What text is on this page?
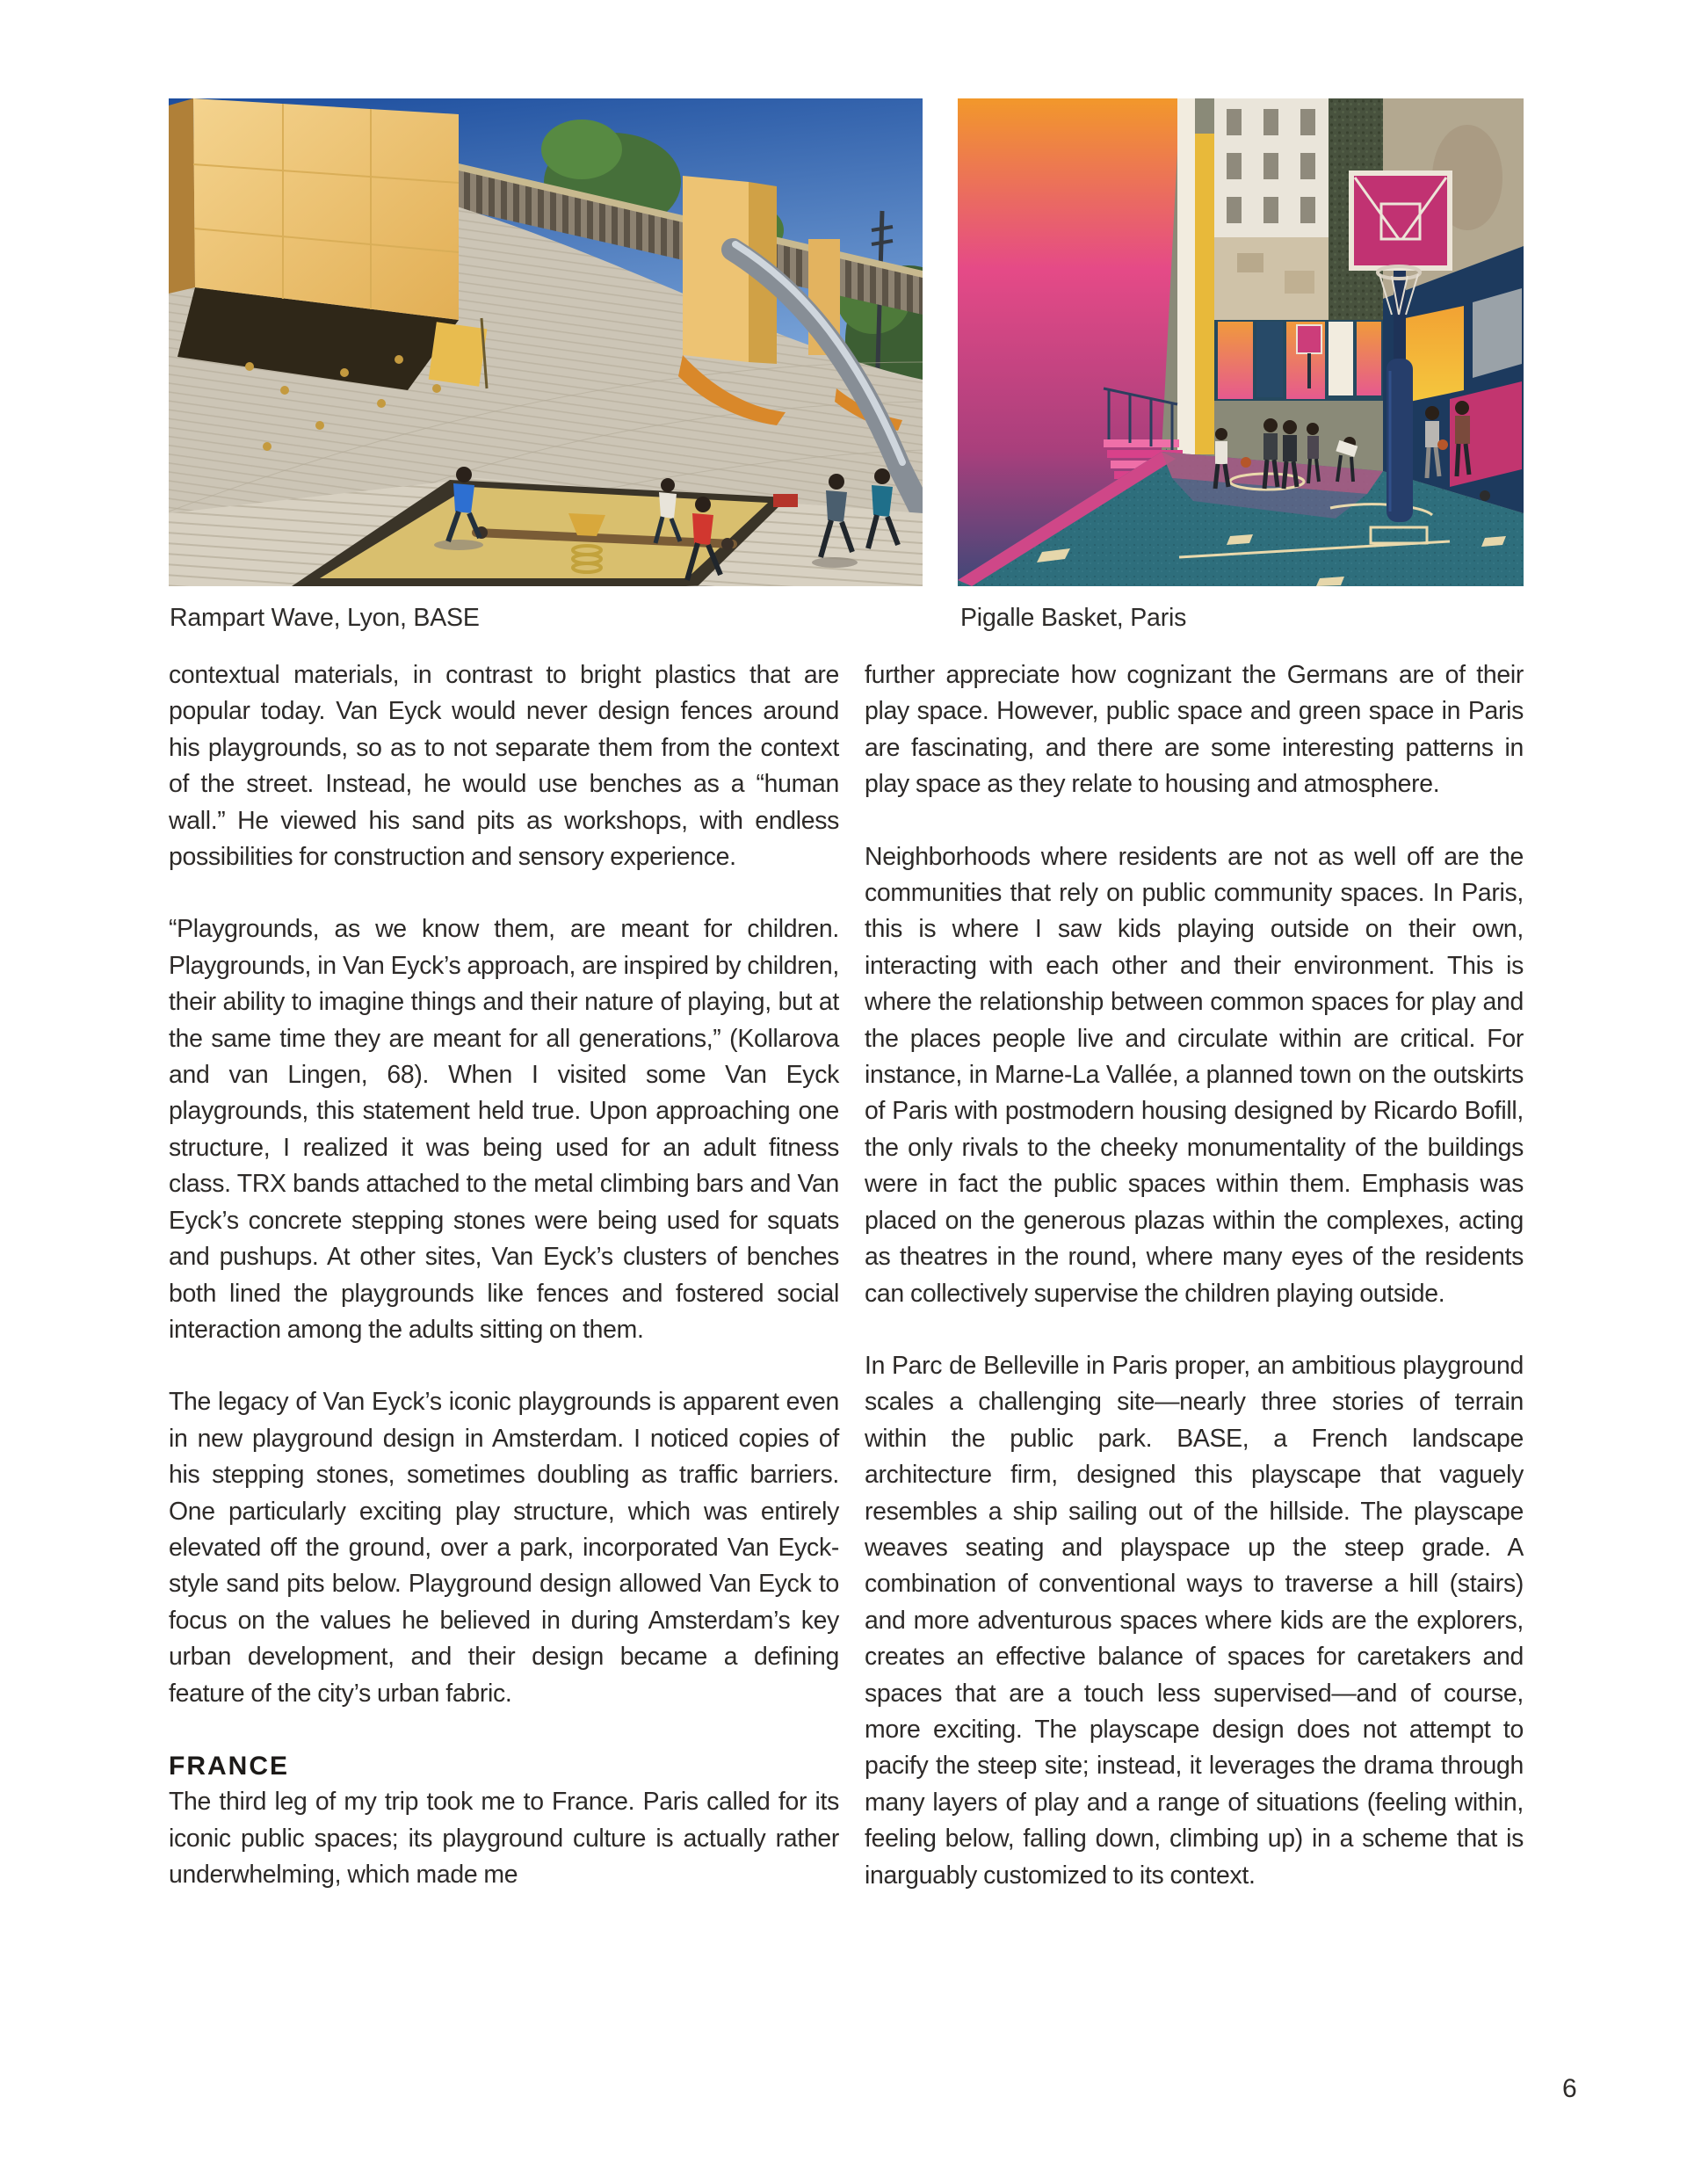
Rampart Wave, Lyon, BASE	Pigalle Basket, Paris

contextual materials, in contrast to bright plastics that are popular today. Van Eyck would never design fences around his playgrounds, so as to not separate them from the context of the street. Instead, he would use benches as a “human wall.” He viewed his sand pits as workshops, with endless possibilities for construction and sensory experience.

“Playgrounds, as we know them, are meant for children. Playgrounds, in Van Eyck’s approach, are inspired by children, their ability to imagine things and their nature of playing, but at the same time they are meant for all generations,” (Kollarova and van Lingen, 68). When I visited some Van Eyck playgrounds, this statement held true. Upon approaching one structure, I realized it was being used for an adult fitness class. TRX bands attached to the metal climbing bars and Van Eyck’s concrete stepping stones were being used for squats and pushups. At other sites, Van Eyck’s clusters of benches both lined the playgrounds like fences and fostered social interaction among the adults sitting on them.

The legacy of Van Eyck’s iconic playgrounds is apparent even in new playground design in Amsterdam. I noticed copies of his stepping stones, sometimes doubling as traffic barriers. One particularly exciting play structure, which was entirely elevated off the ground, over a park, incorporated Van Eyck-style sand pits below. Playground design allowed Van Eyck to focus on the values he believed in during Amsterdam’s key urban development, and their design became a defining feature of the city’s urban fabric.

FRANCE

The third leg of my trip took me to France. Paris called for its iconic public spaces; its playground culture is actually rather underwhelming, which made me

further appreciate how cognizant the Germans are of their play space. However, public space and green space in Paris are fascinating, and there are some interesting patterns in play space as they relate to housing and atmosphere.

Neighborhoods where residents are not as well off are the communities that rely on public community spaces. In Paris, this is where I saw kids playing outside on their own, interacting with each other and their environment. This is where the relationship between common spaces for play and the places people live and circulate within are critical. For instance, in Marne-La Vallée, a planned town on the outskirts of Paris with postmodern housing designed by Ricardo Bofill, the only rivals to the cheeky monumentality of the buildings were in fact the public spaces within them. Emphasis was placed on the generous plazas within the complexes, acting as theatres in the round, where many eyes of the residents can collectively supervise the children playing outside.

In Parc de Belleville in Paris proper, an ambitious playground scales a challenging site—nearly three stories of terrain within the public park. BASE, a French landscape architecture firm, designed this playscape that vaguely resembles a ship sailing out of the hillside. The playscape weaves seating and playspace up the steep grade. A combination of conventional ways to traverse a hill (stairs) and more adventurous spaces where kids are the explorers, creates an effective balance of spaces for caretakers and spaces that are a touch less supervised—and of course, more exciting. The playscape design does not attempt to pacify the steep site; instead, it leverages the drama through many layers of play and a range of situations (feeling within, feeling below, falling down, climbing up) in a scheme that is inarguably customized to its context.

6
